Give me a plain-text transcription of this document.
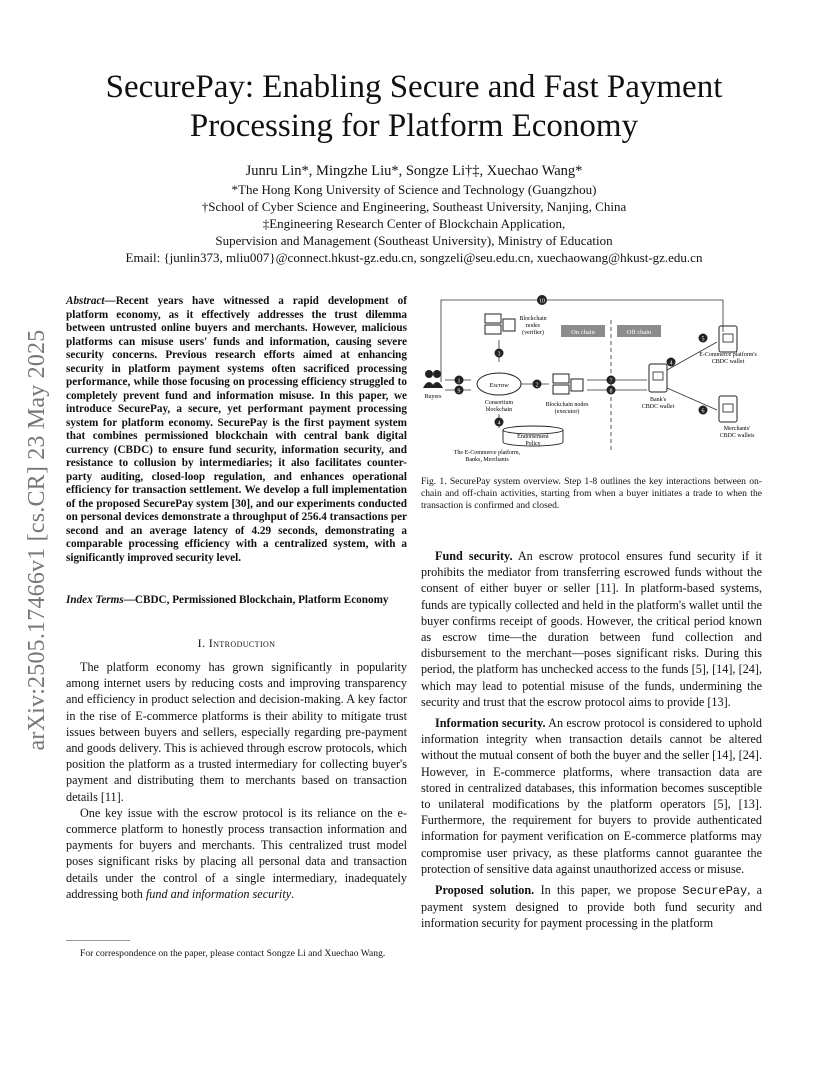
SecurePay: Enabling Secure and Fast Payment
Processing for Platform Economy
Junru Lin*, Mingzhe Liu*, Songze Li†‡, Xuechao Wang*
*The Hong Kong University of Science and Technology (Guangzhou)
†School of Cyber Science and Engineering, Southeast University, Nanjing, China
‡Engineering Research Center of Blockchain Application,
Supervision and Management (Southeast University), Ministry of Education
Email: {junlin373, mliu007}@connect.hkust-gz.edu.cn, songzeli@seu.edu.cn, xuechaowang@hkust-gz.edu.cn
arXiv:2505.17466v1 [cs.CR] 23 May 2025

Abstract—Recent years have witnessed a rapid development of platform economy, as it effectively addresses the trust dilemma between untrusted online buyers and merchants. However, malicious platforms can misuse users' funds and information, causing severe security concerns. Previous research efforts aimed at enhancing security in platform payment systems often sacrificed processing performance, while those focusing on processing efficiency struggled to completely prevent fund and information misuse. In this paper, we introduce SecurePay, a secure, yet performant payment processing system for platform economy. SecurePay is the first payment system that combines permissioned blockchain with central bank digital currency (CBDC) to ensure fund security, information security, and resistance to collusion by intermediaries; it also facilitates counter-party auditing, closed-loop regulation, and enhances operational efficiency for transaction settlement. We develop a full implementation of the proposed SecurePay system [30], and our experiments conducted on personal devices demonstrate a throughput of 256.4 transactions per second and an average latency of 4.29 seconds, demonstrating a comparable processing efficiency with a centralized system, with a significantly improved security level.

Index Terms—CBDC, Permissioned Blockchain, Platform Economy

I. Introduction

The platform economy has grown significantly in popularity among internet users by reducing costs and improving transparency and efficiency in product selection and decision-making. A key factor in the rise of E-commerce platforms is their ability to mitigate trust issues between buyers and sellers, especially regarding pre-payment and goods delivery. This is achieved through escrow protocols, which position the platform as a trusted intermediary for collecting buyer's payment and distributing them to merchants based on transaction details [11].

One key issue with the escrow protocol is its reliance on the e-commerce platform to honestly process transaction information and payments for buyers and merchants. This centralized trust model poses significant risks by placing all personal data and transaction details under the control of a single intermediary, inadequately addressing both fund and information security.

For correspondence on the paper, please contact Songze Li and Xuechao Wang.

10
On chain	Off chain
Blockchain
nodes
(verifier)
3
Buyers
1
9
Escrow
Consortium
blockchain
2
Blockchain nodes
(executor)
7
8
Bank's
CBDC wallet
4
5
6
E-Commerce platform's
CBDC wallet
Merchants'
CBDC wallets
4
Endorsement
Policy
The E-Commerce platform,
Banks, Merchants
Fig. 1. SecurePay system overview. Step 1-8 outlines the key interactions between on-chain and off-chain activities, starting from when a buyer initiates a trade to when the transaction is confirmed and closed.

Fund security. An escrow protocol ensures fund security if it prohibits the mediator from transferring escrowed funds without the consent of either buyer or seller [11]. In platform-based systems, funds are typically collected and held in the platform's wallet until the buyer confirms receipt of goods. However, the critical period known as escrow time—the duration between fund collection and disbursement to the merchant—poses significant risks. During this period, the platform has unchecked access to the funds [5], [14], [24], which may lead to potential misuse of the funds, undermining the security and trust that the escrow protocol aims to provide [13].

Information security. An escrow protocol is considered to uphold information integrity when transaction details cannot be altered without the mutual consent of both the buyer and the seller [14], [24]. However, in E-commerce platforms, where transaction data are stored in centralized databases, this information becomes susceptible to unilateral modifications by the platform operators [5], [13]. Furthermore, the requirement for buyers to provide authenticated information for payment verification on E-commerce platforms may compromise user privacy, as these platforms cannot guarantee the protection of sensitive data against unauthorized access or misuse.

Proposed solution. In this paper, we propose SecurePay, a payment system designed to provide both fund security and information security for payment processing in the platform
